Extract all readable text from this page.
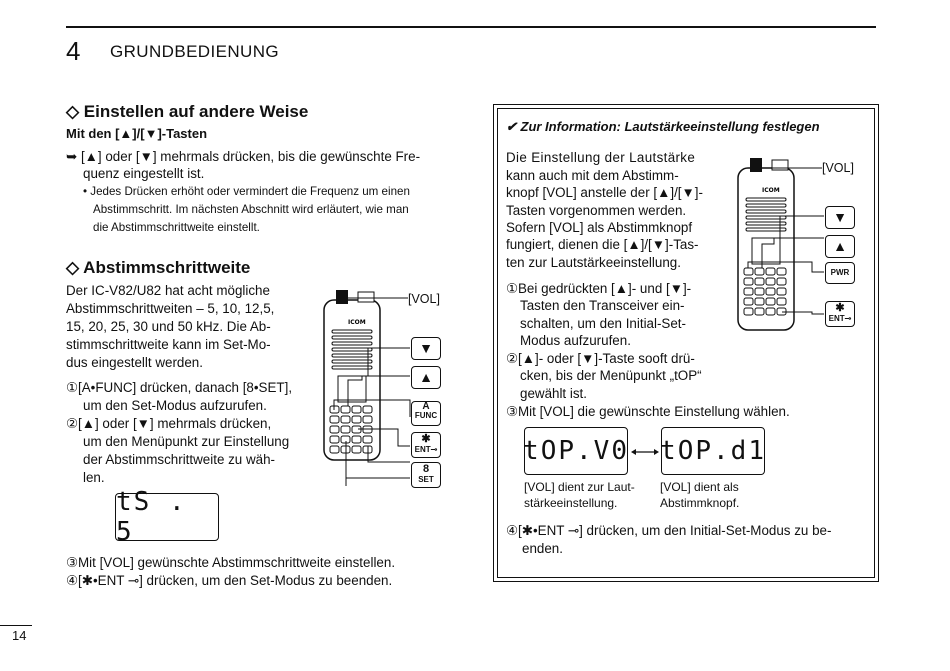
4 GRUNDBEDIENUNG
◇ Einstellen auf andere Weise
Mit den [▲]/[▼]-Tasten
➥ [▲] oder [▼] mehrmals drücken, bis die gewünschte Fre-
quenz eingestellt ist.
• Jedes Drücken erhöht oder vermindert die Frequenz um einen
Abstimmschritt. Im nächsten Abschnitt wird erläutert, wie man
die Abstimmschrittweite einstellt.
◇ Abstimmschrittweite
Der IC-V82/U82 hat acht mögliche
Abstimmschrittweiten – 5, 10, 12,5,
15, 20, 25, 30 und 50 kHz. Die Ab-
stimmschrittweite kann im Set-Mo-
dus eingestellt werden.
①[A•FUNC] drücken, danach [8•SET],
um den Set-Modus aufzurufen.
②[▲] oder [▼] mehrmals drücken,
um den Menüpunkt zur Einstellung
der Abstimmschrittweite zu wäh-
len.
tS . 5
③Mit [VOL] gewünschte Abstimmschrittweite einstellen.
④[✱•ENT ⊸] drücken, um den Set-Modus zu beenden.
ICOM
[VOL]
▼
▲
A
FUNC
✱
ENT⊸
8
SET
✔ Zur Information: Lautstärkeeinstellung festlegen
Die Einstellung der Lautstärke
kann auch mit dem Abstimm-
knopf [VOL] anstelle der [▲]/[▼]-
Tasten vorgenommen werden.
Sofern [VOL] als Abstimmknopf
fungiert, dienen die [▲]/[▼]-Tas-
ten zur Lautstärkeeinstellung.
①Bei gedrückten [▲]- und [▼]-
Tasten den Transceiver ein-
schalten, um den Initial-Set-
Modus aufzurufen.
②[▲]- oder [▼]-Taste sooft drü-
cken, bis der Menüpunkt „tOP“
gewählt ist.
③Mit [VOL] die gewünschte Einstellung wählen.
tOP.V0 tOP.d1
[VOL] dient zur Laut-
stärkeeinstellung.
[VOL] dient als
Abstimmknopf.
④[✱•ENT ⊸] drücken, um den Initial-Set-Modus zu be-
enden.
ICOM
[VOL]
▼
▲
PWR
✱
ENT⊸
14
